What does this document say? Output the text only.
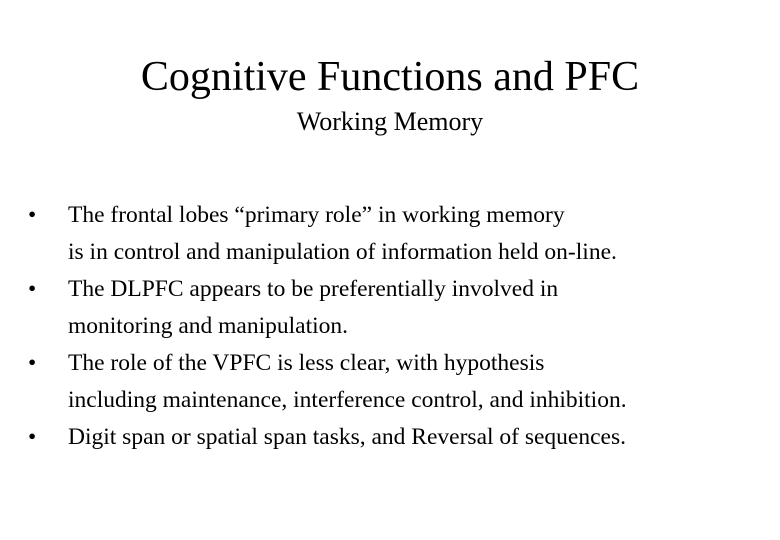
Cognitive Functions and PFC
Working Memory
•	The frontal lobes “primary role” in working memory
is in control and manipulation of information held on-line.
•	The DLPFC appears to be preferentially involved in
monitoring and manipulation.
•	The role of the VPFC is less clear, with hypothesis
including maintenance, interference control, and inhibition.
•	Digit span or spatial span tasks, and Reversal of sequences.
